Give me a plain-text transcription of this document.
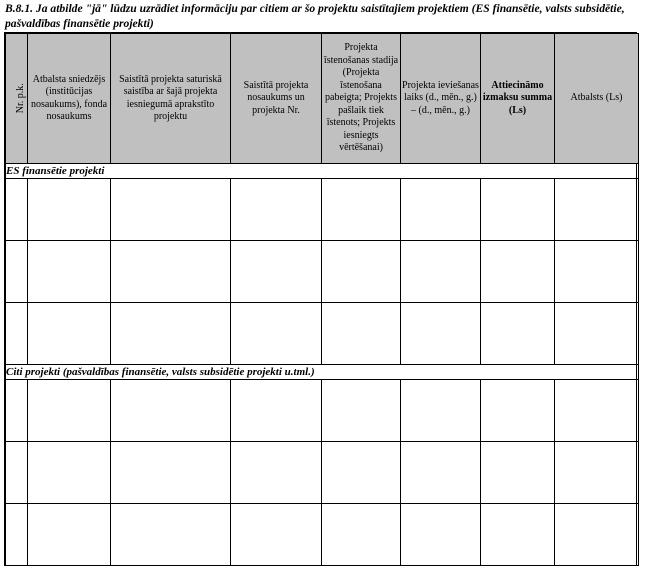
B.8.1. Ja atbilde "jā" lūdzu uzrādiet informāciju par citiem ar šo projektu saistītajiem projektiem (ES finansētie, valsts subsidētie, pašvaldības finansētie projekti)
Nr. p.k.	Atbalsta sniedzējs (institūcijas nosaukums), fonda nosaukums	Saistītā projekta saturiskā saistība ar šajā projekta iesniegumā aprakstīto projektu	Saistītā projekta nosaukums un projekta Nr.	Projekta īstenošanas stadija (Projekta īstenošana pabeigta; Projekts pašlaik tiek īstenots; Projekts iesniegts vērtēšanai)	Projekta ieviešanas laiks (d., mēn., g.) – (d., mēn., g.)	Attiecināmo izmaksu summa (Ls)	Atbalsts (Ls)
ES finansētie projekti							

Citi projekti (pašvaldības finansētie, valsts subsidētie projekti u.tml.)							
